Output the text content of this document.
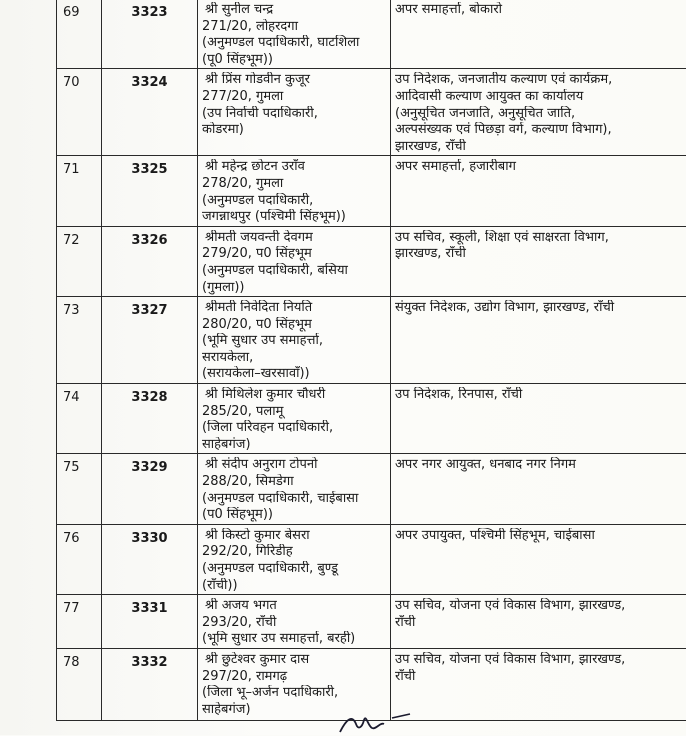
69	3323	श्री सुनील चन्द्र
271/20, लोहरदगा
(अनुमण्डल पदाधिकारी, घाटशिला
(पू0 सिंहभूम))	अपर समाहर्त्ता, बोकारो

70	3324	श्री प्रिंस गोडवीन कुजूर
277/20, गुमला
(उप निर्वाची पदाधिकारी,
कोडरमा)	उप निदेशक, जनजातीय कल्याण एवं कार्यक्रम,
आदिवासी कल्याण आयुक्त का कार्यालय
(अनुसूचित जनजाति, अनुसूचित जाति,
अल्पसंख्यक एवं पिछड़ा वर्ग, कल्याण विभाग),
झारखण्ड, राँची

71	3325	श्री महेन्द्र छोटन उराँव
278/20, गुमला
(अनुमण्डल पदाधिकारी,
जगन्नाथपुर (पश्चिमी सिंहभूम))	अपर समाहर्त्ता, हजारीबाग

72	3326	श्रीमती जयवन्ती देवगम
279/20, प0 सिंहभूम
(अनुमण्डल पदाधिकारी, बसिया
(गुमला))	उप सचिव, स्कूली, शिक्षा एवं साक्षरता विभाग,
झारखण्ड, राँची

73	3327	श्रीमती निवेदिता नियति
280/20, प0 सिंहभूम
(भूमि सुधार उप समाहर्त्ता,
सरायकेला,
(सरायकेला–खरसावाँ))	संयुक्त निदेशक, उद्योग विभाग, झारखण्ड, राँची

74	3328	श्री मिथिलेश कुमार चौधरी
285/20, पलामू
(जिला परिवहन पदाधिकारी,
साहेबगंज)	उप निदेशक, रिनपास, राँची

75	3329	श्री संदीप अनुराग टोपनो
288/20, सिमडेगा
(अनुमण्डल पदाधिकारी, चाईबासा
(प0 सिंहभूम))	अपर नगर आयुक्त, धनबाद नगर निगम

76	3330	श्री किस्टो कुमार बेसरा
292/20, गिरिडीह
(अनुमण्डल पदाधिकारी, बुण्डू
(राँची))	अपर उपायुक्त, पश्चिमी सिंहभूम, चाईबासा

77	3331	श्री अजय भगत
293/20, राँची
(भूमि सुधार उप समाहर्त्ता, बरही)	उप सचिव, योजना एवं विकास विभाग, झारखण्ड,
राँची

78	3332	श्री छुटेश्वर कुमार दास
297/20, रामगढ़
(जिला भू–अर्जन पदाधिकारी,
साहेबगंज)	उप सचिव, योजना एवं विकास विभाग, झारखण्ड,
राँची
